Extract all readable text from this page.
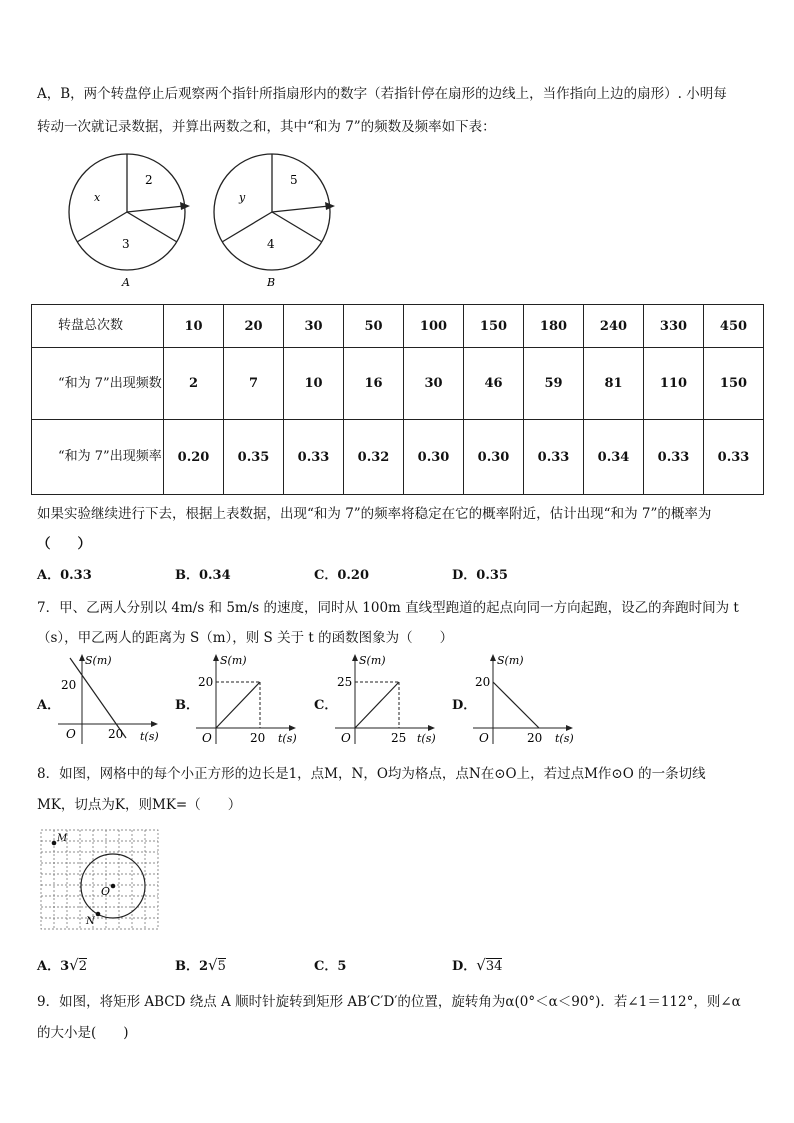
A，B，两个转盘停止后观察两个指针所指扇形内的数字（若指针停在扇形的边线上，当作指向上边的扇形）. 小明每
转动一次就记录数据，并算出两数之和，其中“和为 7”的频数及频率如下表：
x
2
3
A
y
5
4
B
转盘总次数	10	20	30	50	100	150	180	240	330	450
“和为 7”出现频数	2	7	10	16	30	46	59	81	110	150
“和为 7”出现频率	0.20	0.35	0.33	0.32	0.30	0.30	0.33	0.34	0.33	0.33
如果实验继续进行下去，根据上表数据，出现“和为 7”的频率将稳定在它的概率附近，估计出现“和为 7”的概率为
（　　）
A．0.33	B．0.34	C．0.20	D．0.35
7．甲、乙两人分别以 4m/s 和 5m/s 的速度，同时从 100m 直线型跑道的起点向同一方向起跑，设乙的奔跑时间为 t
（s），甲乙两人的距离为 S（m），则 S 关于 t 的函数图象为（　　）
A．
S(m)
t(s)
O
20
20
B．
S(m)
t(s)
O
20
20
C．
S(m)
t(s)
O
25
25
D．
S(m)
t(s)
O
20
20
8．如图，网格中的每个小正方形的边长是1，点M，N，O均为格点，点N在⊙O上，若过点M作⊙O 的一条切线
MK，切点为K，则MK=（　　）
M
O
N
A．3√2	B．2√5	C．5	D．√34
9．如图，将矩形 ABCD 绕点 A 顺时针旋转到矩形 AB′C′D′的位置，旋转角为α(0°＜α＜90°)．若∠1＝112°，则∠α
的大小是(　　)
